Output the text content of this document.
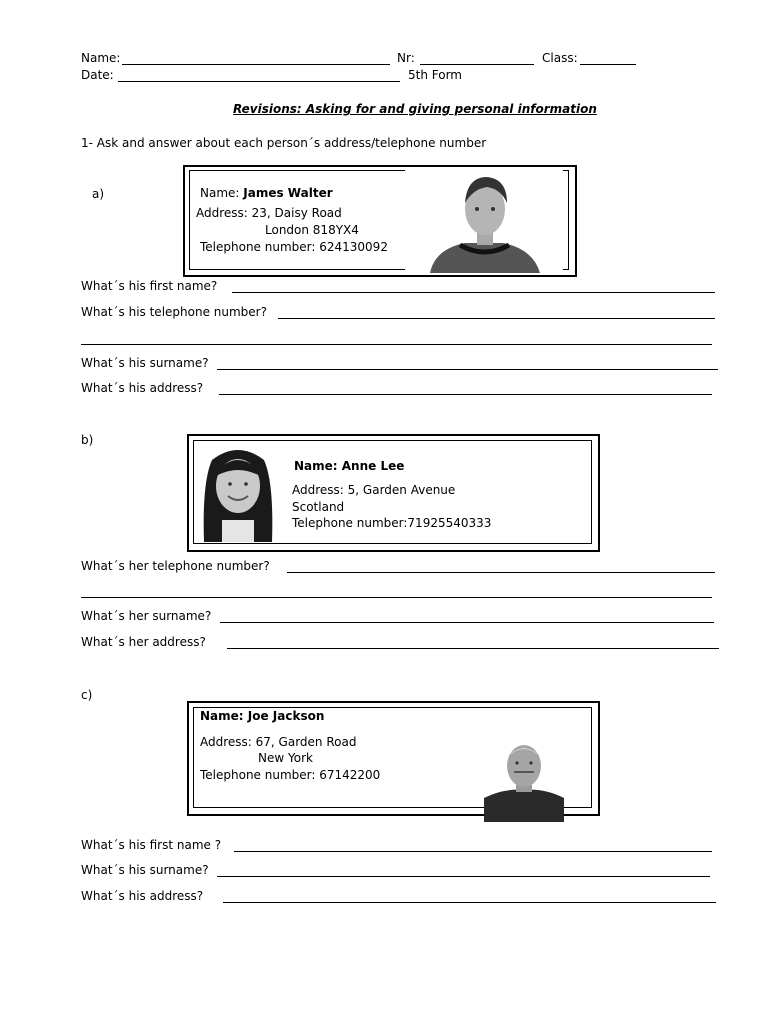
Name:	Nr:	Class:
Date:	5th Form
Revisions: Asking for and giving personal information
1- Ask and answer about each person´s address/telephone number
a)	Name: James Walter
Address: 23, Daisy Road
London 818YX4
Telephone number: 624130092
What´s his first name?
What´s his telephone number?
What´s his surname?
What´s his address?
b)
Name: Anne Lee
Address: 5, Garden Avenue
Scotland
Telephone number:71925540333
What´s her telephone number?
What´s her surname?
What´s her address?
c)
Name: Joe Jackson
Address: 67, Garden Road
New York
Telephone number: 67142200
What´s his first name ?
What´s his surname?
What´s his address?
